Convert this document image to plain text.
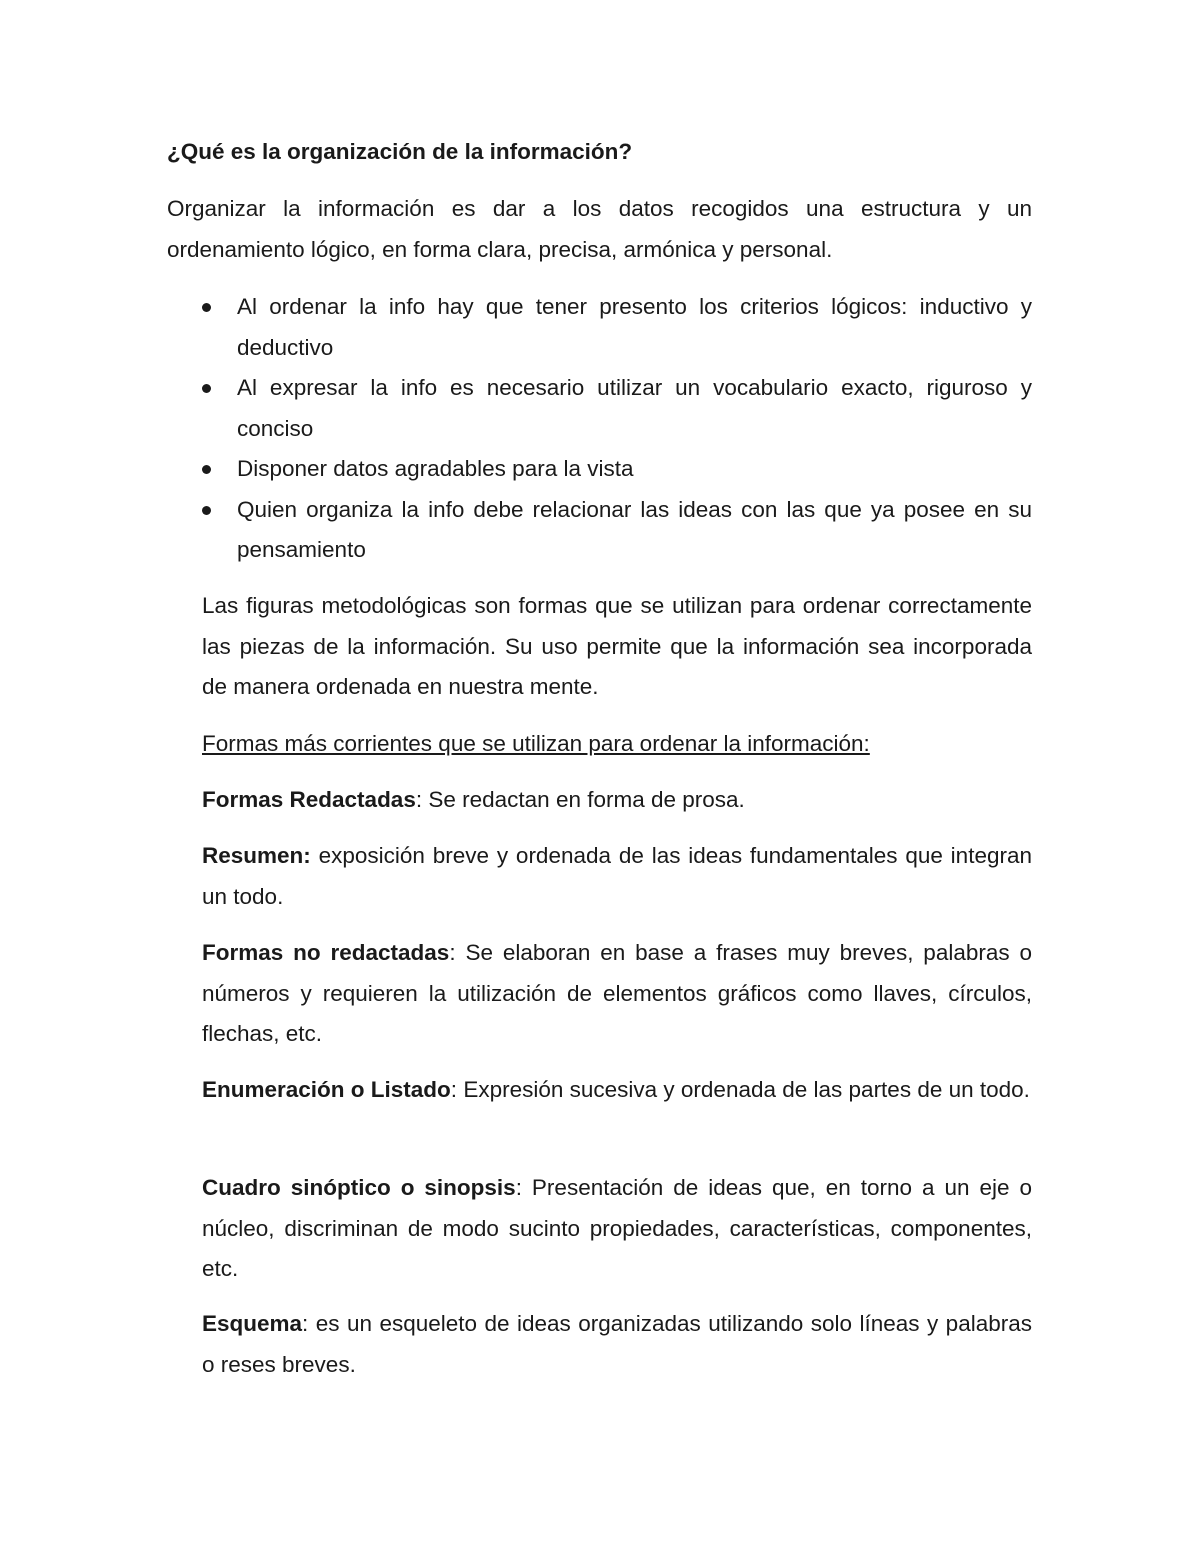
¿Qué es la organización de la información?

Organizar la información es dar a los datos recogidos una estructura y un ordenamiento lógico, en forma clara, precisa, armónica y personal.

Al ordenar la info hay que tener presento los criterios lógicos: inductivo y deductivo
Al expresar la info es necesario utilizar un vocabulario exacto, riguroso y conciso
Disponer datos agradables para la vista
Quien organiza la info debe relacionar las ideas con las que ya posee en su pensamiento

Las figuras metodológicas son formas que se utilizan para ordenar correctamente las piezas de la información. Su uso permite que la información sea incorporada de manera ordenada en nuestra mente.

Formas más corrientes que se utilizan para ordenar la información:

Formas Redactadas: Se redactan en forma de prosa.

Resumen: exposición breve y ordenada de las ideas fundamentales que integran un todo.

Formas no redactadas: Se elaboran en base a frases muy breves, palabras o números y requieren la utilización de elementos gráficos como llaves, círculos, flechas, etc.

Enumeración o Listado: Expresión sucesiva y ordenada de las partes de un todo.

Cuadro sinóptico o sinopsis: Presentación de ideas que, en torno a un eje o núcleo, discriminan de modo sucinto propiedades, características, componentes, etc.

Esquema: es un esqueleto de ideas organizadas utilizando solo líneas y palabras o reses breves.
